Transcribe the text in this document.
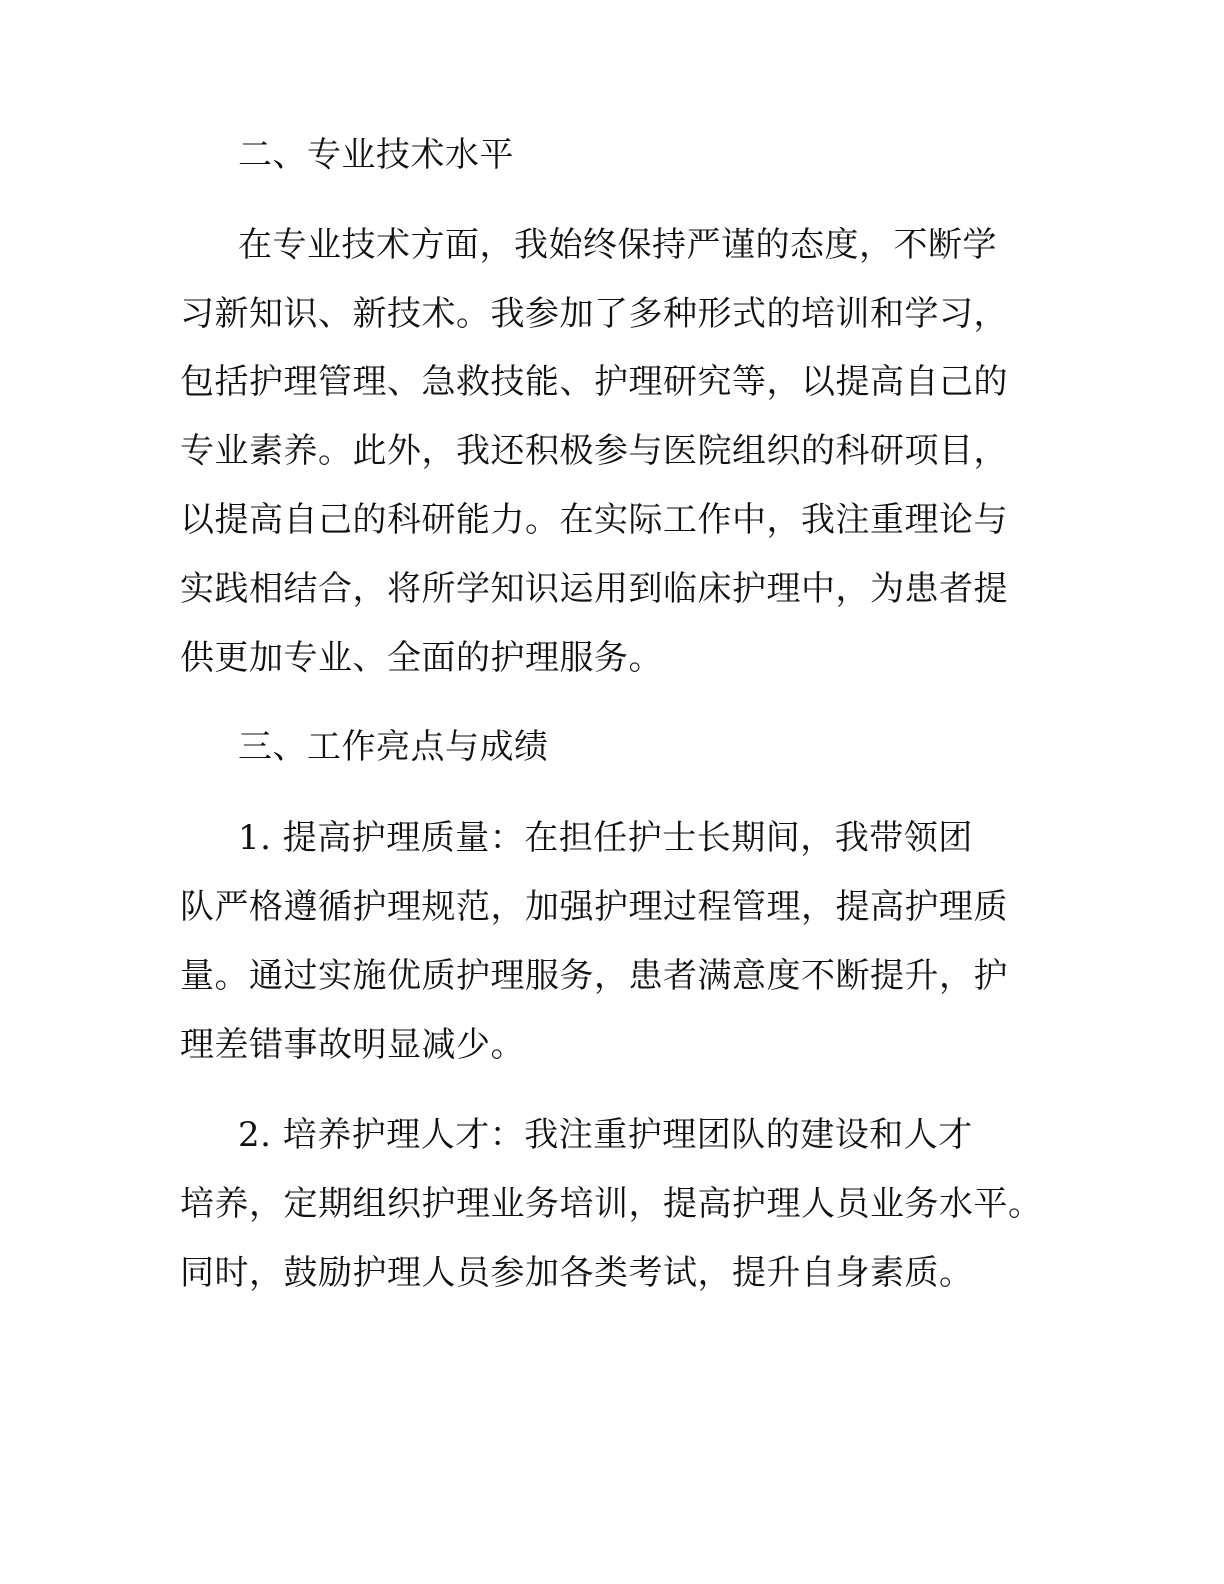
二、专业技术水平
在专业技术方面，我始终保持严谨的态度，不断学
习新知识、新技术。我参加了多种形式的培训和学习，
包括护理管理、急救技能、护理研究等，以提高自己的
专业素养。此外，我还积极参与医院组织的科研项目，
以提高自己的科研能力。在实际工作中，我注重理论与
实践相结合，将所学知识运用到临床护理中，为患者提
供更加专业、全面的护理服务。
三、工作亮点与成绩
1. 提高护理质量：在担任护士长期间，我带领团
队严格遵循护理规范，加强护理过程管理，提高护理质
量。通过实施优质护理服务，患者满意度不断提升，护
理差错事故明显减少。
2. 培养护理人才：我注重护理团队的建设和人才
培养，定期组织护理业务培训，提高护理人员业务水平。
同时，鼓励护理人员参加各类考试，提升自身素质。
